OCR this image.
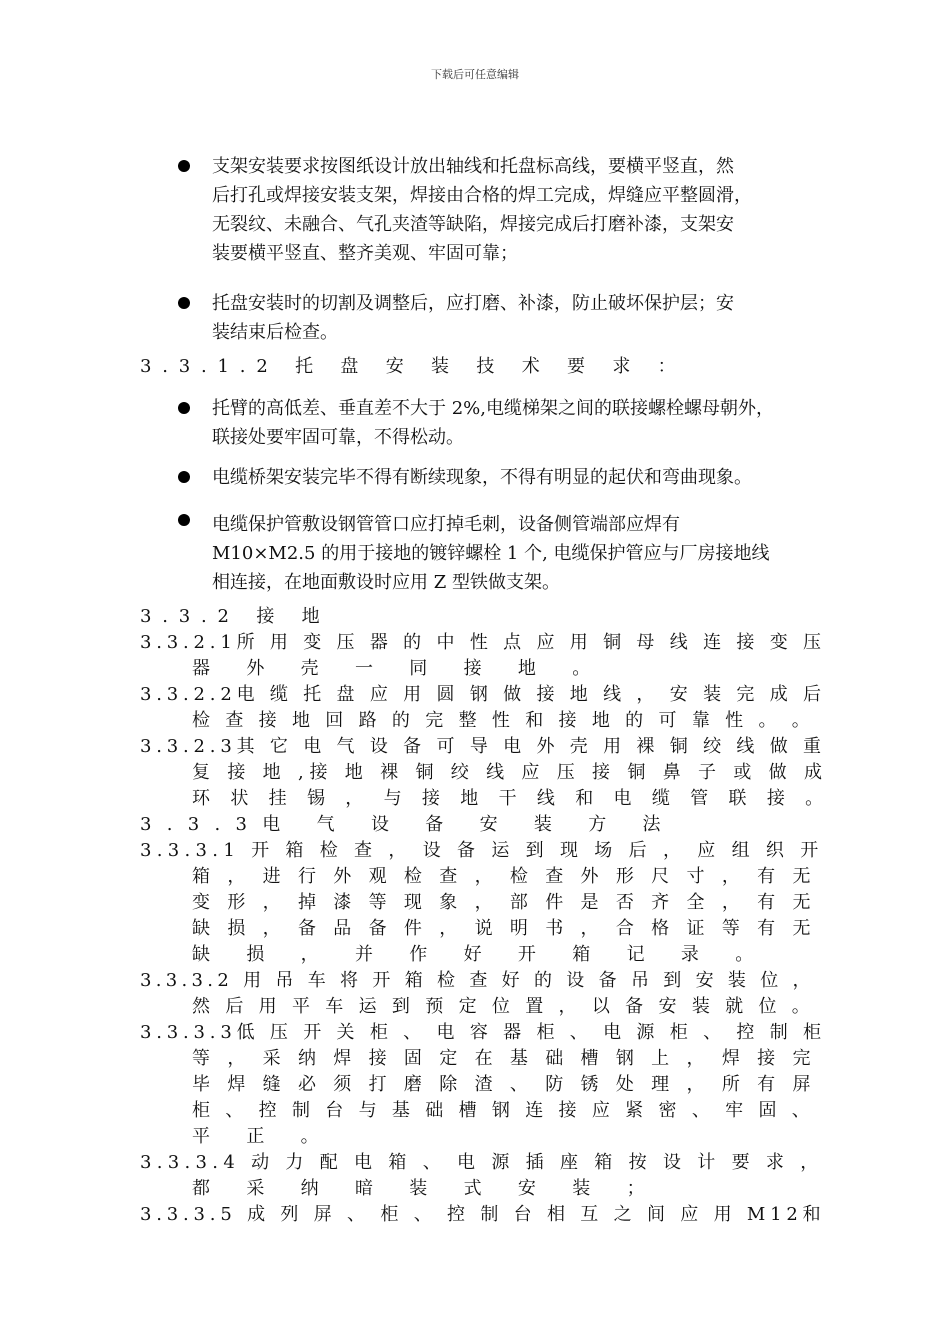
下载后可任意编辑
支架安装要求按图纸设计放出轴线和托盘标高线，要横平竖直，然
后打孔或焊接安装支架，焊接由合格的焊工完成，焊缝应平整圆滑，
无裂纹、未融合、气孔夹渣等缺陷，焊接完成后打磨补漆，支架安
装要横平竖直、整齐美观、牢固可靠；
托盘安装时的切割及调整后，应打磨、补漆，防止破坏保护层；安
装结束后检查。
3.3.1.2 托 盘 安 装 技 术 要 求 ：
托臂的高低差、垂直差不大于 2%,电缆梯架之间的联接螺栓螺母朝外，
联接处要牢固可靠，不得松动。
电缆桥架安装完毕不得有断续现象，不得有明显的起伏和弯曲现象。
电缆保护管敷设钢管管口应打掉毛刺，设备侧管端部应焊有
M10×M2.5 的用于接地的镀锌螺栓 1 个, 电缆保护管应与厂房接地线
相连接，在地面敷设时应用 Z 型铁做支架。
3.3.2 接 地
3.3.2.1所 用 变 压 器 的 中 性 点 应 用 铜 母 线 连 接 变 压
器 外 壳 一 同 接 地 。
3.3.2.2电 缆 托 盘 应 用 圆 钢 做 接 地 线 ， 安 装 完 成 后
检 查 接 地 回 路 的 完 整 性 和 接 地 的 可 靠 性 。 。
3.3.2.3其 它 电 气 设 备 可 导 电 外 壳 用 裸 铜 绞 线 做 重
复 接 地 ,接 地 裸 铜 绞 线 应 压 接 铜 鼻 子 或 做 成
环 状 挂 锡 ， 与 接 地 干 线 和 电 缆 管 联 接 。
3.3.3电 气 设 备 安 装 方 法
3.3.3.1 开 箱 检 查 ， 设 备 运 到 现 场 后 ， 应 组 织 开
箱 ， 进 行 外 观 检 查 ， 检 查 外 形 尺 寸 ， 有 无
变 形 ， 掉 漆 等 现 象 ， 部 件 是 否 齐 全 ， 有 无
缺 损 ， 备 品 备 件 ， 说 明 书 ， 合 格 证 等 有 无
缺 损 ， 并 作 好 开 箱 记 录 。
3.3.3.2 用 吊 车 将 开 箱 检 查 好 的 设 备 吊 到 安 装 位 ，
然 后 用 平 车 运 到 预 定 位 置 ， 以 备 安 装 就 位 。
3.3.3.3低 压 开 关 柜 、 电 容 器 柜 、 电 源 柜 、 控 制 柜
等 ， 采 纳 焊 接 固 定 在 基 础 槽 钢 上 ， 焊 接 完
毕 焊 缝 必 须 打 磨 除 渣 、 防 锈 处 理 ， 所 有 屏
柜 、 控 制 台 与 基 础 槽 钢 连 接 应 紧 密 、 牢 固 、
平 正 。
3.3.3.4 动 力 配 电 箱 、 电 源 插 座 箱 按 设 计 要 求 ，
都 采 纳 暗 装 式 安 装 ；
3.3.3.5 成 列 屏 、 柜 、 控 制 台 相 互 之 间 应 用 M12和
